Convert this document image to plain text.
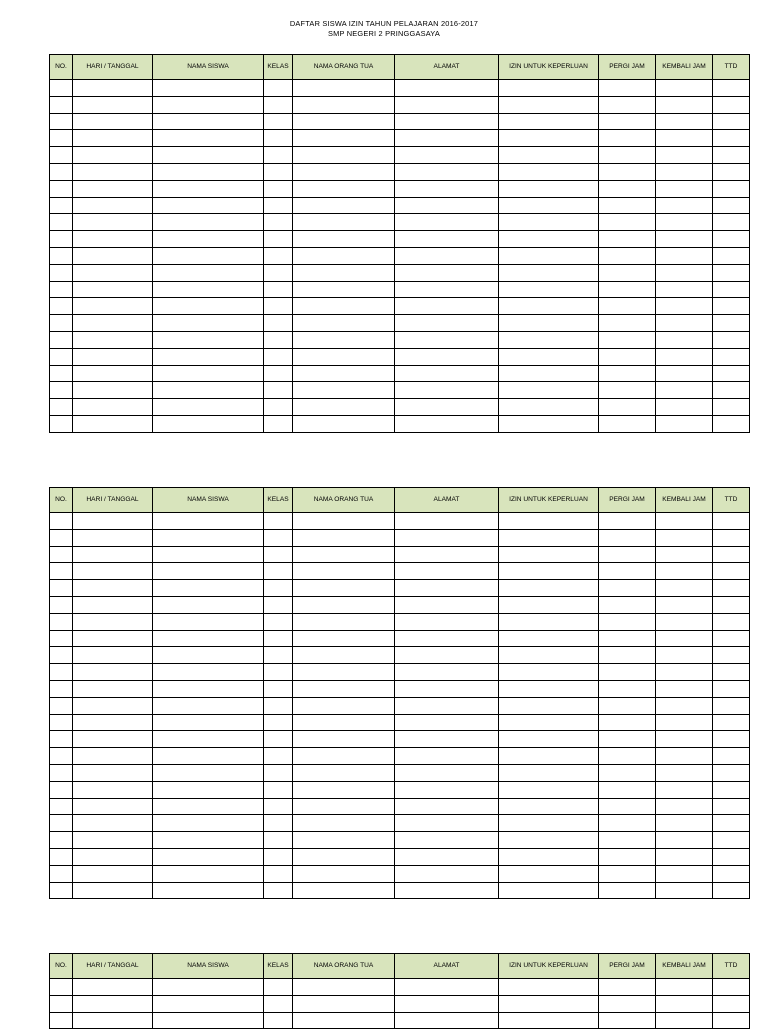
DAFTAR SISWA IZIN TAHUN PELAJARAN 2016-2017
SMP NEGERI 2 PRINGGASAYA
NO.	HARI / TANGGAL	NAMA SISWA	KELAS	NAMA ORANG TUA	ALAMAT	IZIN UNTUK KEPERLUAN	PERGI JAM	KEMBALI JAM	TTD

NO.	HARI / TANGGAL	NAMA SISWA	KELAS	NAMA ORANG TUA	ALAMAT	IZIN UNTUK KEPERLUAN	PERGI JAM	KEMBALI JAM	TTD

NO.	HARI / TANGGAL	NAMA SISWA	KELAS	NAMA ORANG TUA	ALAMAT	IZIN UNTUK KEPERLUAN	PERGI JAM	KEMBALI JAM	TTD
